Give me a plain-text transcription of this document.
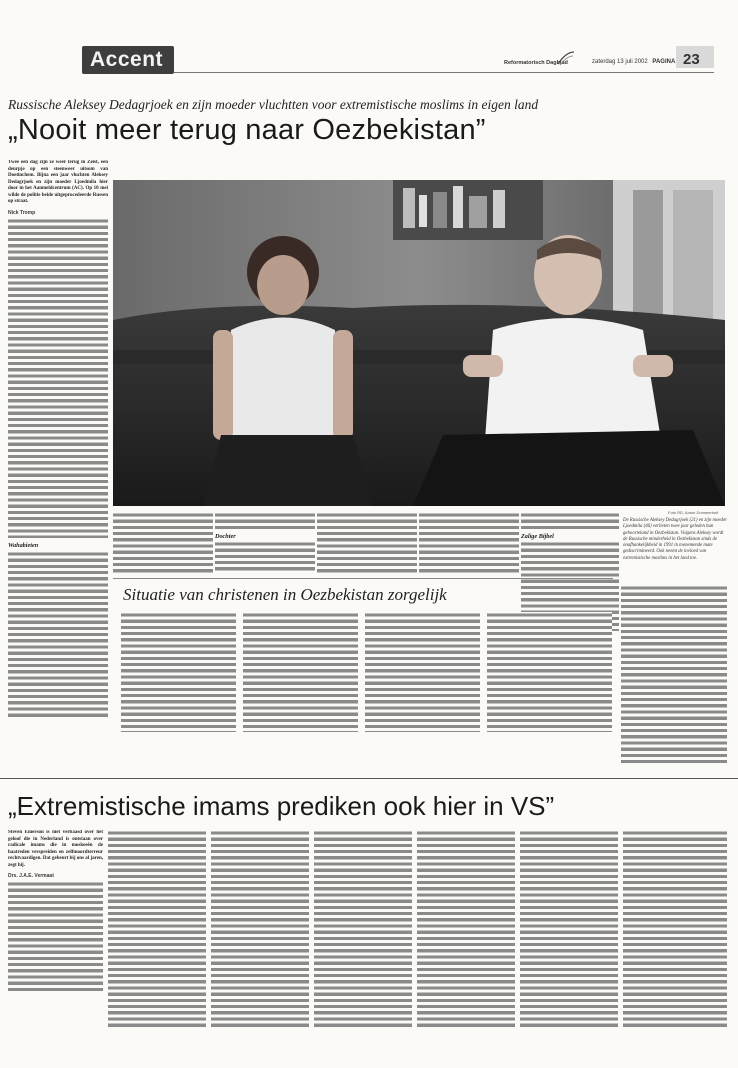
Accent	Reformatorisch Dagblad	zaterdag 13 juli 2002 PAGINA 23
Russische Aleksey Dedagrjoek en zijn moeder vluchtten voor extremistische moslims in eigen land
„Nooit meer terug naar Oezbekistan”
Twee een dag zijn ze weer terug in Zeist, een deurpje op een steenweer uitsom van Doetinchem. Bijna een jaar vluchten Aleksey Dedagrjoek en zijn moeder Ljoedmila hier door in het Aanmeldcentrum (AC). Op 10 mei wilde de politie beide uitgeprocedeerde Russen op straat.
Nick Tromp
Wahabieten
Foto RD, Anton Dommerholt
Dochter	Zalige Bijbel
De Russische Aleksey Dedagrjoek (21) en zijn moeder Ljoedmila (46) verlieten twee jaar geleden hun geboorteland in Oezbekistan. Volgens Aleksey wordt de Russische minderheid in Oezbekistan sinds de onafhankelijkheid in 1991 in toenemende mate gediscrimineerd. Ook neemt de invloed van extremistische moslims in het land toe.
Situatie van christenen in Oezbekistan zorgelijk
„Extremistische imams prediken ook hier in VS”
Steven Emerson is niet verbaasd over het geloof die in Nederland is ontstaan over radicale imams die in moskeeën de haatreden verspreiden en zelfmoordterreur rechtvaardigen. Dat gebeurt bij ons al jaren, zegt hij.
Drs. J.A.E. Vermaat
